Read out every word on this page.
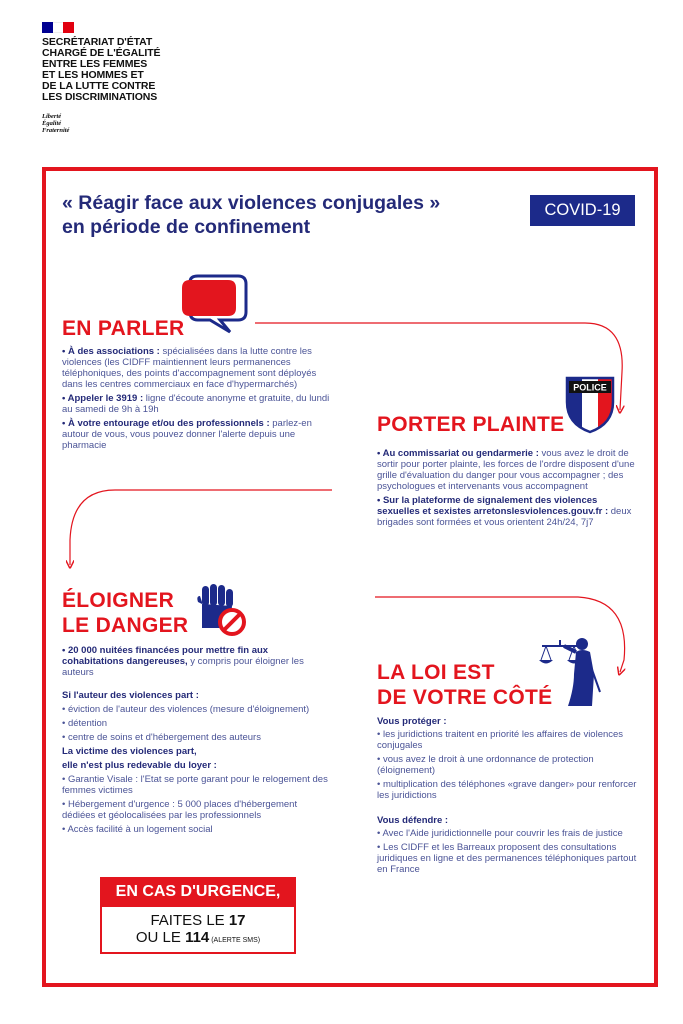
SECRÉTARIAT D'ÉTAT
CHARGÉ DE L'ÉGALITÉ
ENTRE LES FEMMES
ET LES HOMMES ET
DE LA LUTTE CONTRE
LES DISCRIMINATIONS
Liberté
Égalité
Fraternité
« Réagir face aux violences conjugales »
en période de confinement
COVID-19
EN PARLER

• À des associations : spécialisées dans la lutte contre les violences (les CIDFF maintiennent leurs permanences téléphoniques, des points d'accompagnement sont déployés dans les centres commerciaux en face d'hypermarchés)

• Appeler le 3919 : ligne d'écoute anonyme et gratuite, du lundi au samedi de 9h à 19h

• À votre entourage et/ou des professionnels : parlez-en autour de vous, vous pouvez donner l'alerte depuis une pharmacie

POLICE
PORTER PLAINTE

• Au commissariat ou gendarmerie : vous avez le droit de sortir pour porter plainte, les forces de l'ordre disposent d'une grille d'évaluation du danger pour vous accompagner ; des psychologues et intervenants vous accompagnent

• Sur la plateforme de signalement des violences sexuelles et sexistes arretonslesviolences.gouv.fr : deux brigades sont formées et vous orientent 24h/24, 7j7

ÉLOIGNER
LE DANGER

• 20 000 nuitées financées pour mettre fin aux cohabitations dangereuses, y compris pour éloigner les auteurs

Si l'auteur des violences part :

• éviction de l'auteur des violences (mesure d'éloignement)

• détention

• centre de soins et d'hébergement des auteurs

La victime des violences part,

elle n'est plus redevable du loyer :

• Garantie Visale : l'Etat se porte garant pour le relogement des femmes victimes

• Hébergement d'urgence : 5 000 places d'hébergement dédiées et géolocalisées par les professionnels

• Accès facilité à un logement social

LA LOI EST
DE VOTRE CÔTÉ

Vous protéger :

• les juridictions traitent en priorité les affaires de violences conjugales

• vous avez le droit à une ordonnance de protection (éloignement)

• multiplication des téléphones «grave danger» pour renforcer les juridictions

Vous défendre :

• Avec l'Aide juridictionnelle pour couvrir les frais de justice

• Les CIDFF et les Barreaux proposent des consultations juridiques en ligne et des permanences téléphoniques partout en France

EN CAS D'URGENCE,
FAITES LE 17
OU LE 114 (ALERTE SMS)
